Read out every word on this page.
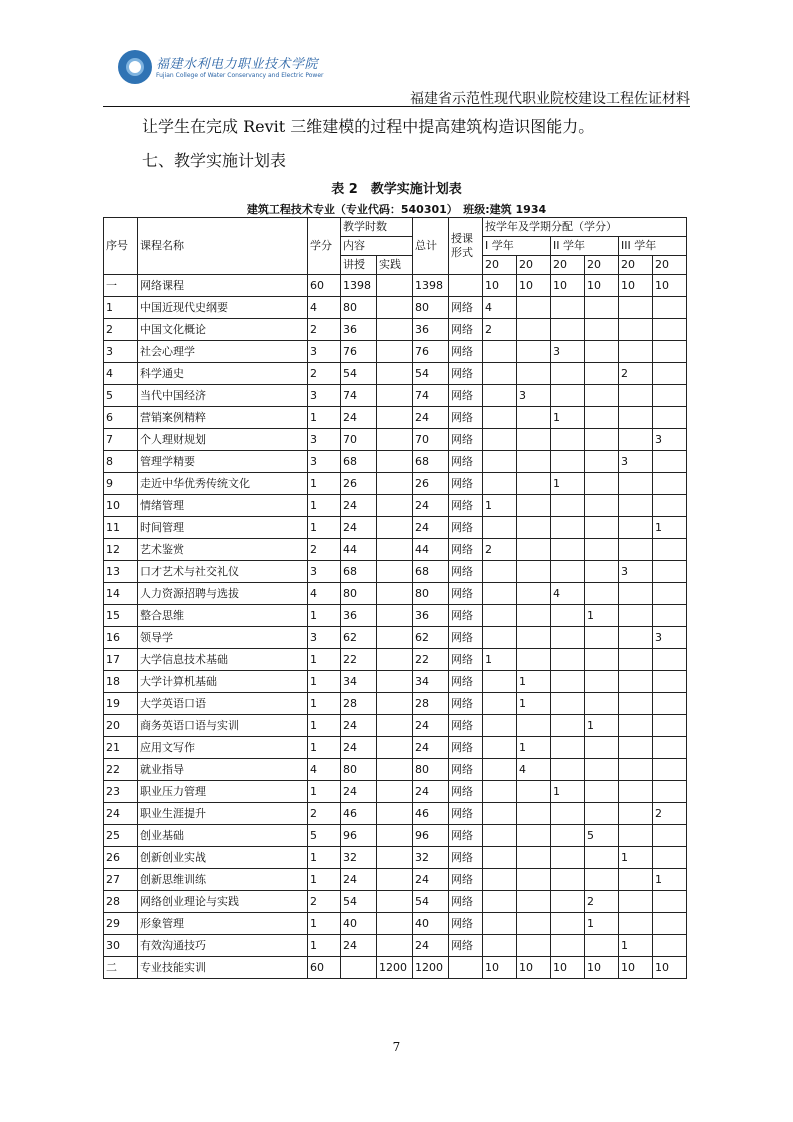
福建水利电力职业技术学院
Fujian College of Water Conservancy and Electric Power
福建省示范性现代职业院校建设工程佐证材料
让学生在完成 Revit 三维建模的过程中提高建筑构造识图能力。
七、教学实施计划表
表 2　教学实施计划表
建筑工程技术专业（专业代码：540301）　班级:建筑 1934
序号	课程名称	学分	教学时数		总计	授课形式	按学年及学期分配（学分）					
			内容				I 学年		II 学年		III 学年	
			讲授	实践			20	20	20	20	20	20
一	网络课程	60	1398		1398		10	10	10	10	10	10
1	中国近现代史纲要	4	80		80	网络	4					
2	中国文化概论	2	36		36	网络	2					
3	社会心理学	3	76		76	网络			3			
4	科学通史	2	54		54	网络					2	
5	当代中国经济	3	74		74	网络		3				
6	营销案例精粹	1	24		24	网络			1			
7	个人理财规划	3	70		70	网络						3
8	管理学精要	3	68		68	网络					3	
9	走近中华优秀传统文化	1	26		26	网络			1			
10	情绪管理	1	24		24	网络	1					
11	时间管理	1	24		24	网络						1
12	艺术鉴赏	2	44		44	网络	2					
13	口才艺术与社交礼仪	3	68		68	网络					3	
14	人力资源招聘与选拔	4	80		80	网络			4			
15	整合思维	1	36		36	网络				1		
16	领导学	3	62		62	网络						3
17	大学信息技术基础	1	22		22	网络	1					
18	大学计算机基础	1	34		34	网络		1				
19	大学英语口语	1	28		28	网络		1				
20	商务英语口语与实训	1	24		24	网络				1		
21	应用文写作	1	24		24	网络		1				
22	就业指导	4	80		80	网络		4				
23	职业压力管理	1	24		24	网络			1			
24	职业生涯提升	2	46		46	网络						2
25	创业基础	5	96		96	网络				5		
26	创新创业实战	1	32		32	网络					1	
27	创新思维训练	1	24		24	网络						1
28	网络创业理论与实践	2	54		54	网络				2		
29	形象管理	1	40		40	网络				1		
30	有效沟通技巧	1	24		24	网络					1	
二	专业技能实训	60		1200	1200		10	10	10	10	10	10
7
